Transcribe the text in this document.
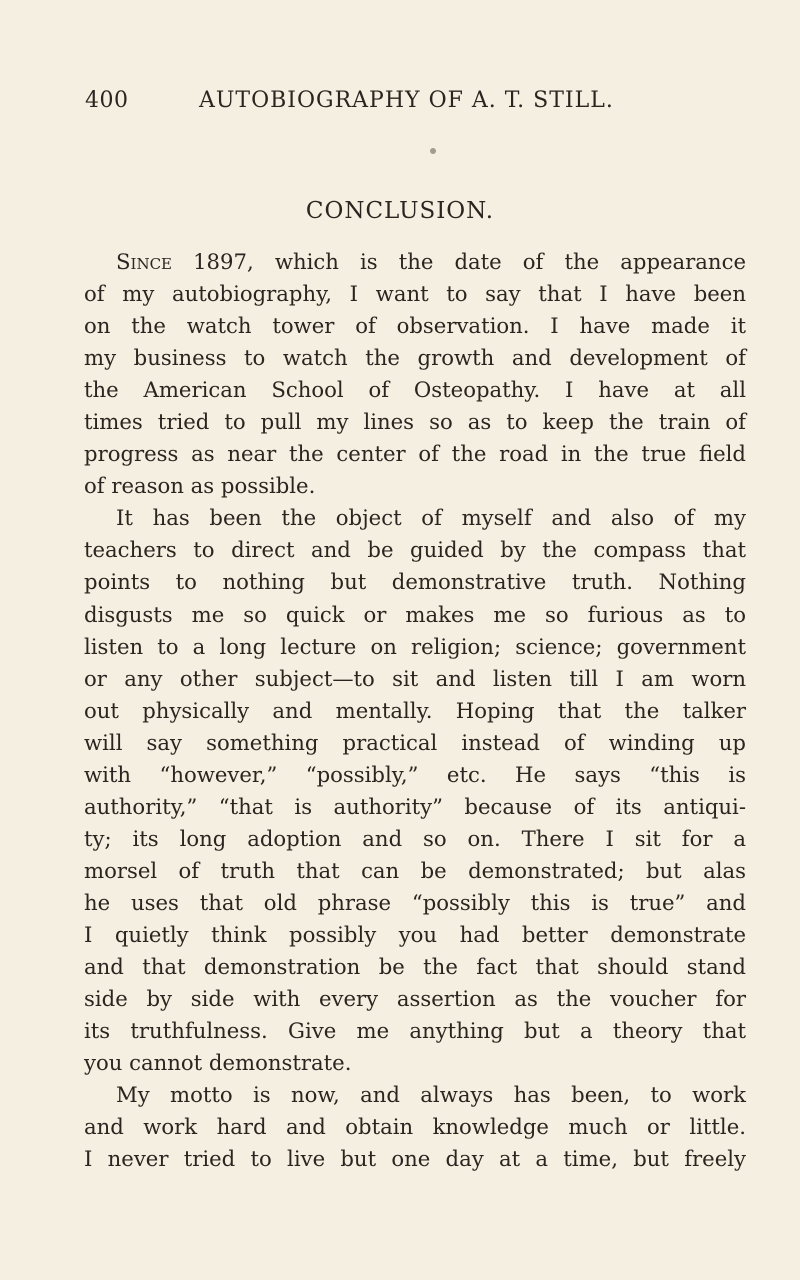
400	AUTOBIOGRAPHY OF A. T. STILL.
CONCLUSION.
Since 1897, which is the date of the appearance
of my autobiography, I want to say that I have been
on the watch tower of observation. I have made it
my business to watch the growth and development of
the American School of Osteopathy. I have at all
times tried to pull my lines so as to keep the train of
progress as near the center of the road in the true field
of reason as possible.
It has been the object of myself and also of my
teachers to direct and be guided by the compass that
points to nothing but demonstrative truth. Nothing
disgusts me so quick or makes me so furious as to
listen to a long lecture on religion; science; government
or any other subject—to sit and listen till I am worn
out physically and mentally. Hoping that the talker
will say something practical instead of winding up
with “however,” “possibly,” etc. He says “this is
authority,” “that is authority” because of its antiqui-
ty; its long adoption and so on. There I sit for a
morsel of truth that can be demonstrated; but alas
he uses that old phrase “possibly this is true” and
I quietly think possibly you had better demonstrate
and that demonstration be the fact that should stand
side by side with every assertion as the voucher for
its truthfulness. Give me anything but a theory that
you cannot demonstrate.
My motto is now, and always has been, to work
and work hard and obtain knowledge much or little.
I never tried to live but one day at a time, but freely
